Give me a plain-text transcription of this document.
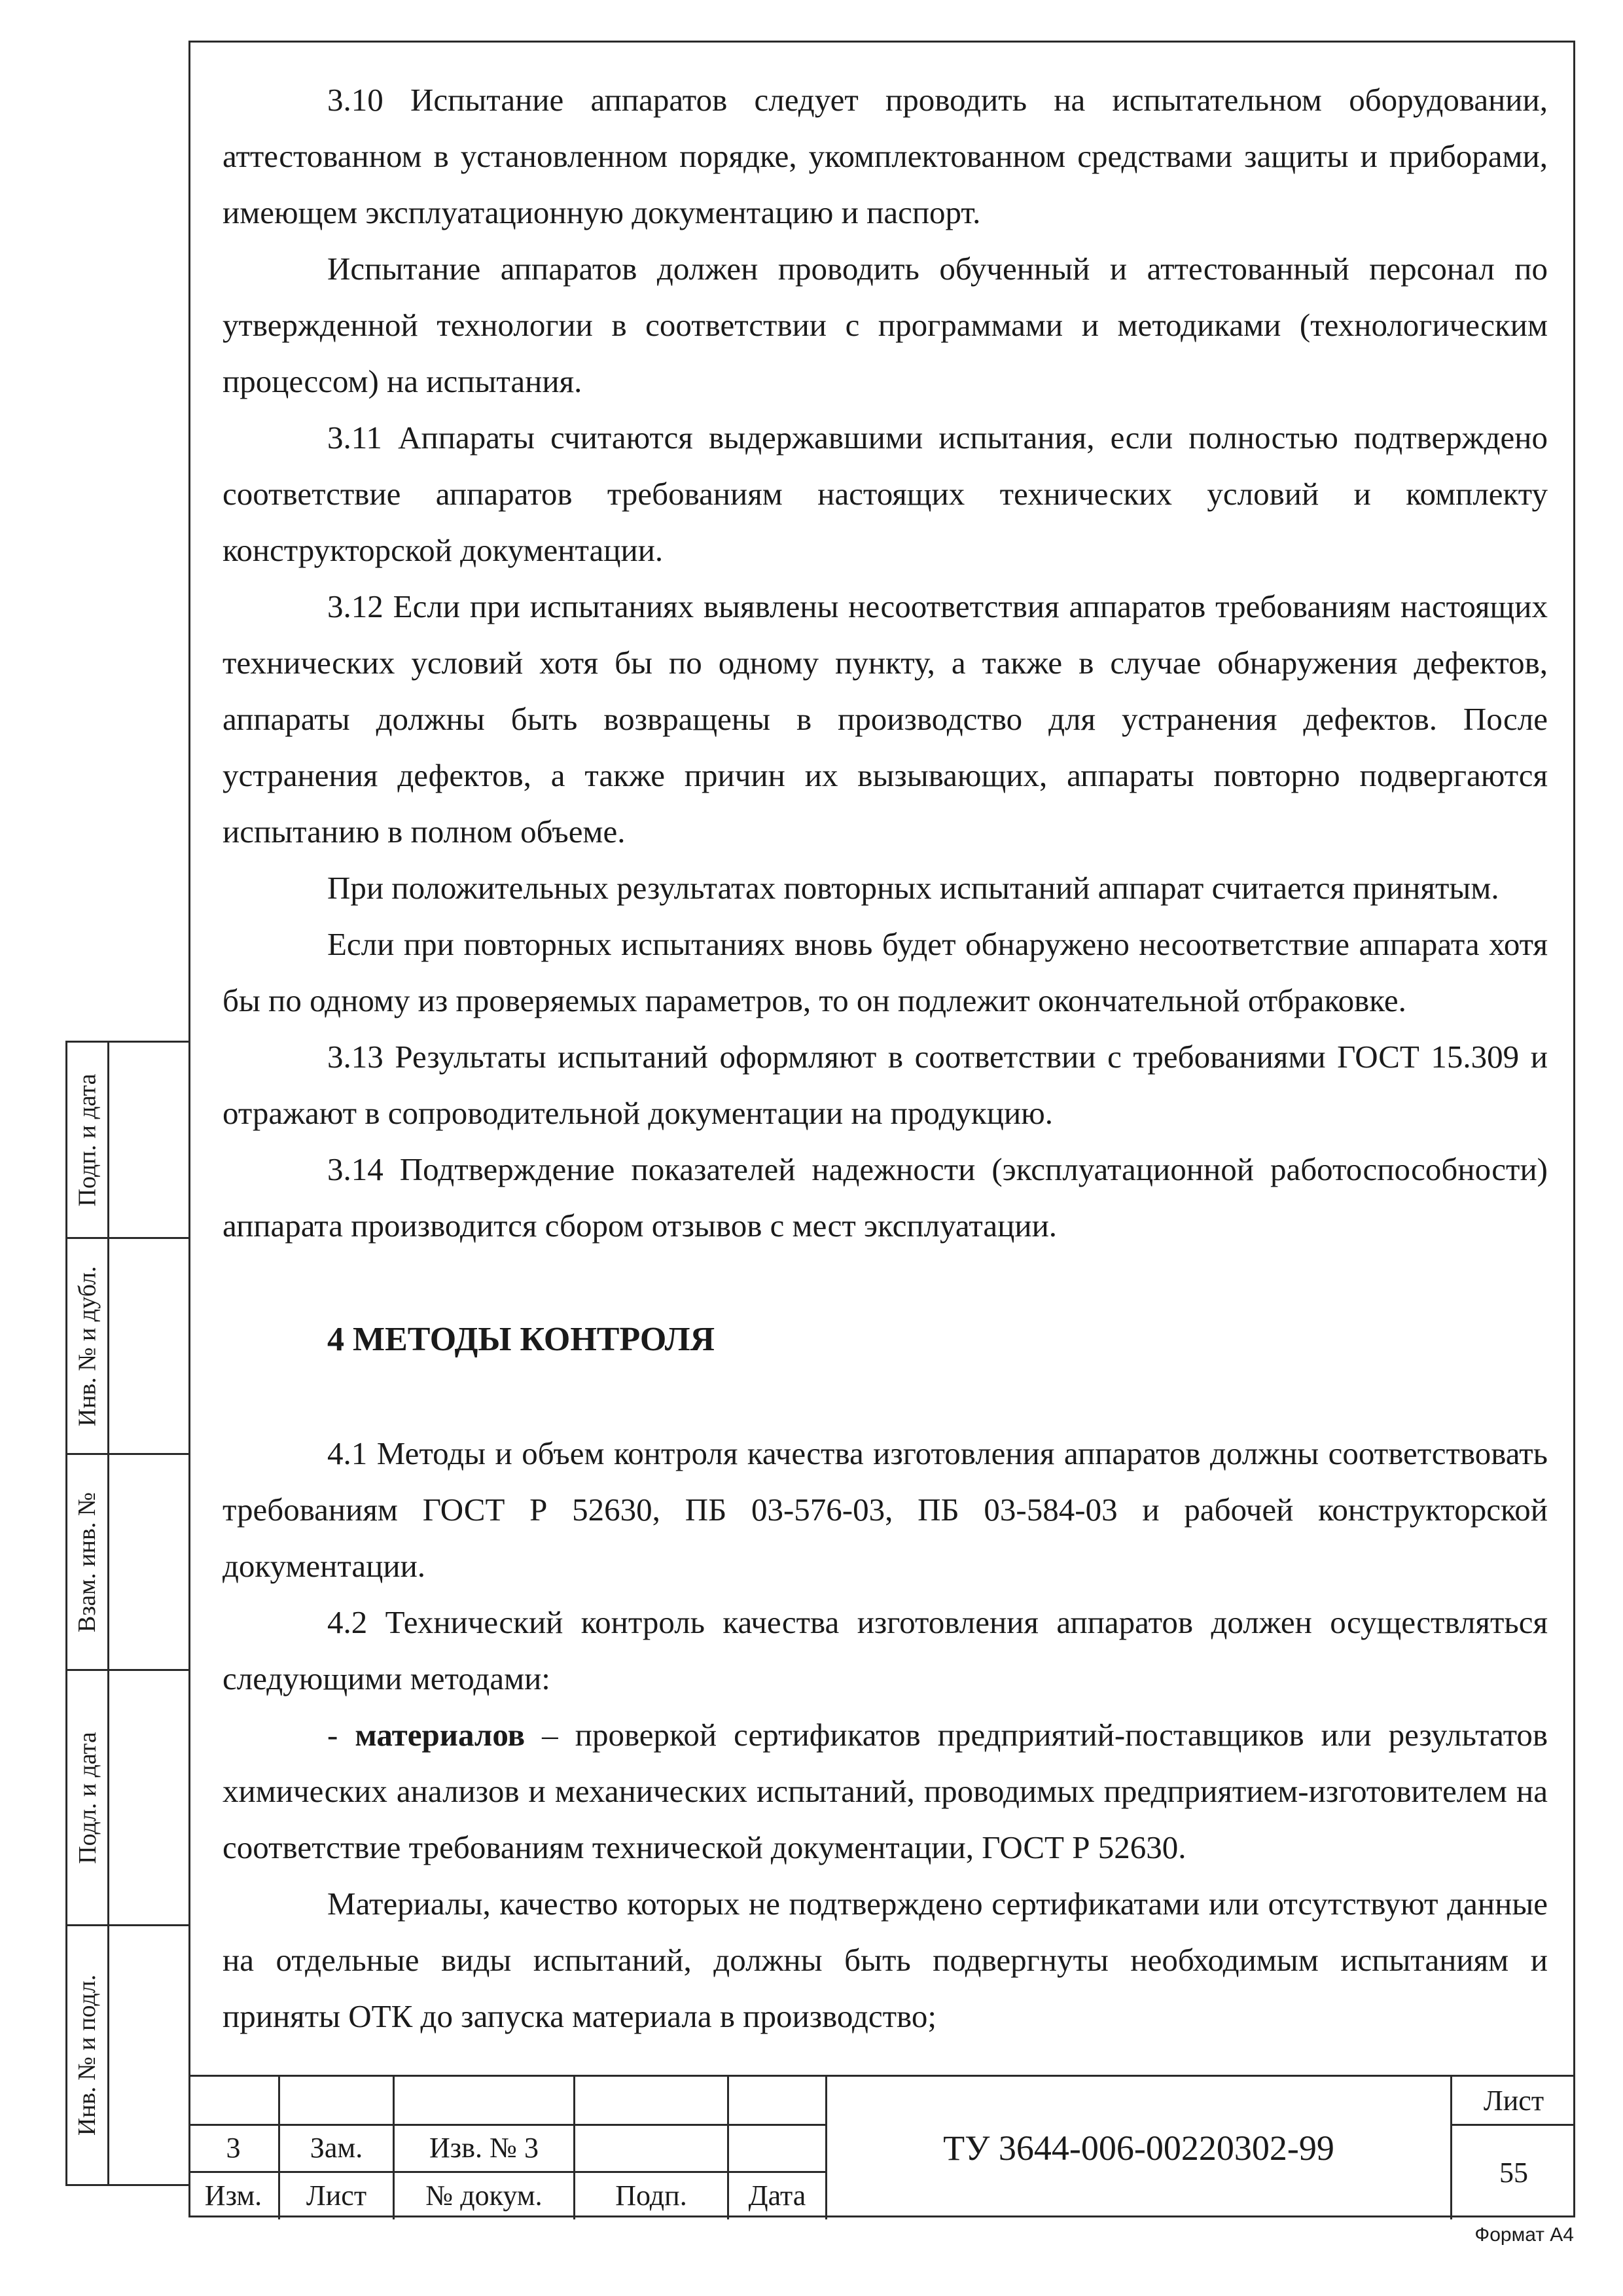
3.10 Испытание аппаратов следует проводить на испытательном оборудовании, аттестованном в установленном порядке, укомплектованном средствами защиты и приборами, имеющем эксплуатационную документацию и паспорт.

Испытание аппаратов должен проводить обученный и аттестованный персонал по утвержденной технологии в соответствии с программами и методиками (технологическим процессом) на испытания.

3.11 Аппараты считаются выдержавшими испытания, если полностью подтверждено соответствие аппаратов требованиям настоящих технических условий и комплекту конструкторской документации.

3.12 Если при испытаниях выявлены несоответствия аппаратов требованиям настоящих технических условий хотя бы по одному пункту, а также в случае обнаружения дефектов, аппараты должны быть возвращены в производство для устранения дефектов. После устранения дефектов, а также причин их вызывающих, аппараты повторно подвергаются испытанию в полном объеме.

При положительных результатах повторных испытаний аппарат считается принятым.

Если при повторных испытаниях вновь будет обнаружено несоответствие аппарата хотя бы по одному из проверяемых параметров, то он подлежит окончательной отбраковке.

3.13 Результаты испытаний оформляют в соответствии с требованиями ГОСТ 15.309 и отражают в сопроводительной документации на продукцию.

3.14 Подтверждение показателей надежности (эксплуатационной работоспособности) аппарата производится сбором отзывов с мест эксплуатации.

4 МЕТОДЫ КОНТРОЛЯ

4.1 Методы и объем контроля качества изготовления аппаратов должны соответствовать требованиям ГОСТ Р 52630, ПБ 03-576-03, ПБ 03-584-03 и рабочей конструкторской документации.

4.2 Технический контроль качества изготовления аппаратов должен осуществляться следующими методами:

- материалов – проверкой сертификатов предприятий-поставщиков или результатов химических анализов и механических испытаний, проводимых предприятием-изготовителем на соответствие требованиям технической документации, ГОСТ Р 52630.

Материалы, качество которых не подтверждено сертификатами или отсутствуют данные на отдельные виды испытаний, должны быть подвергнуты необходимым испытаниям и приняты ОТК до запуска материала в производство;

Подп. и дата
Инв. № и дубл.
Взам. инв. №
Подл. и дата
Инв. № и подл.
3	Зам.	Изв. № 3
Изм.	Лист	№ докум.	Подп.	Дата
ТУ 3644-006-00220302-99
Лист
55
Формат А4
